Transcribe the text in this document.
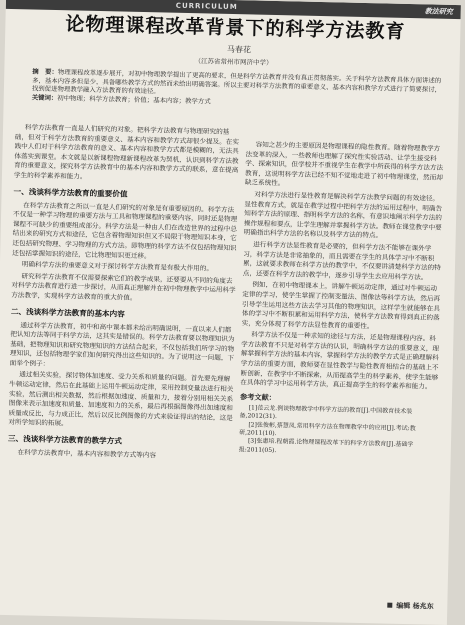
CURRICULUM
教法研究
论物理课程改革背景下的科学方法教育
马春花
（江苏省常州市网济中学）
摘　要：物理课程改革逐步展开，对初中物理教学提出了更高的要求，但是科学方法教育并没有真正贯彻落实。关于科学方法教育具体方面讲述的多，基本内容多但是少，具备哪些教学方式的然而未给出明确答案。所以主要对科学方法教育的重要意义、基本内容和教学方式进行了简要探讨，找到促进物理教学融入方法教育的有效途径。
关键词：初中物理；科学方法教育；价值；基本内容；教学方式

科学方法教育一直是人们研究的对象。把科学方法教育与物理研究的基础，但对于科学方法教育的重要意义、基本内容和教学方式却很少提及。在实践中人们对于科学方法教育的意义、基本内容和教学方式都是模糊的，无法具体落实到课堂。本文就是以新课程物理新课程改革为契机，认识到科学方法教育的重要意义，探究科学方法教育中的基本内容和教学方式的联系，意在提高学生的科学素养和能力。

一、浅谈科学方法教育的重要价值

在科学方法教育之所以一直是人们研究的对象是有重要原因的。科学方法不仅是一种学习物理的重要方法与工具和物理课程的重要内容，同时还是物理课程不可缺少的重要组成部分。科学方法是一种由人们在改造世界的过程中总结出来的研究方式和途径，它包含着物理知识但又不局限于物理知识本身，它还包括研究物理、学习物理的方式方法。即物理的科学方法不仅包括物理知识还包括掌握知识的途径，它比物理知识更迁移。

明确科学方法的重要意义对于探讨科学方法教育是有极大作用的。

研究科学方法教育不仅需要探索它们的教学成果，还要要从不同的角度去对科学方法教育进行进一步探讨，从而真正理解并在初中物理教学中运用科学方法教学，实现科学方法教育的重大价值。

二、浅谈科学方法教育的基本内容

通过科学方法教育，初中和高中课本都未给出明确说明，一直以来人们都把认知方法等同于科学方法，这其实是错误的。科学方法教育要以物理知识为基础，把物理知识和研究物理知识的方法结合起来，不仅包括我们所学习的物理知识，还包括物理学家们如何研究得出这些知识的。为了说明这一问题，下面举个例子：

通过相关实验，探讨物体加速度、受力关系和质量的问题。首先要先理解牛顿运动定律，然后在此基础上运用牛顿运动定律，采用控制变量法进行相关实验，然后测出相关数据，然后根据加速度、质量和力，接着分别用相关关系图像来表示加速度和质量、加速度和力的关系，最后再根据图像得出加速度和质量成反比，与力成正比，然后以反比例图像的方式来验证得出的结论，这是对所学知识的拓展。

三、浅谈科学方法教育的教学方式

在科学方法教育中，基本内容和教学方式等内容

容知之甚少的主要原因是物理课程的隐性教育。随着物理教学方法变革的深入，一些教师也理解了探究性实验活动、让学生接受科学、探索知识，但学校并不重视学生在教学中所获得的科学方法方法教育，这说明科学方法已经不知不觉地走进了初中物理课堂，然而却缺乏系统性。

对科学方法进行显性教育是解决科学方法教学问题的有效途径。显性教育方式，就是在教学过程中把科学方法的运用过程中，明确告知科学方法的原理、指明科学方法的名称，有意识地阐示科学方法的操作规程和要点，让学生理解并掌握科学方法。教师在课堂教学中要明确指出科学方法的名称以及科学方法的特点。

进行科学方法显性教育是必要的，但科学方法不能够在课外学习，科学方法是非常抽象的，而且需要在学生的具体学习中不断积累，这就要求教师在科学方法的教学中，不仅要讲清楚科学方法的特点，还要在科学方法的教学中，逐步引导学生去应用科学方法。

例如，在初中物理课本上，讲解牛顿运动定律，通过对牛顿运动定律的学习，使学生掌握了控制变量法、图像法等科学方法，然后再引导学生运用这些方法去学习其他的物理知识，这样学生就能够在具体的学习中不断积累和运用科学方法，使科学方法教育得到真正的落实，充分体现了科学方法显性教育的重要性。

科学方法不仅是一种求知的途径与方法，还是物理课程内容。科学方法教育不只是对科学方法的认识，明确科学方法的重要意义，理解掌握科学方法的基本内容，掌握科学方法的教学方式是正确理解科学方法的重要方面，教师要在显性教学与隐性教育相结合的基础上不断创新，在教学中不断探索，从而提高学生的科学素养，使学生能够在具体的学习中运用科学方法，真正提高学生的科学素养和能力。

参考文献：

[1]范云龙.例谈物理教学中科学方法的教育[J].中国教育技术装备,2012(31).

[2]张俊彬,蔡慧凤.常用科学方法在物理教学中的应用[J].考试:教研,2011(10).

[3]张惠培.程朝霞.论物理课程改革下的科学方法教育[J].基础学报:2011(05).

编辑 杨兆东
